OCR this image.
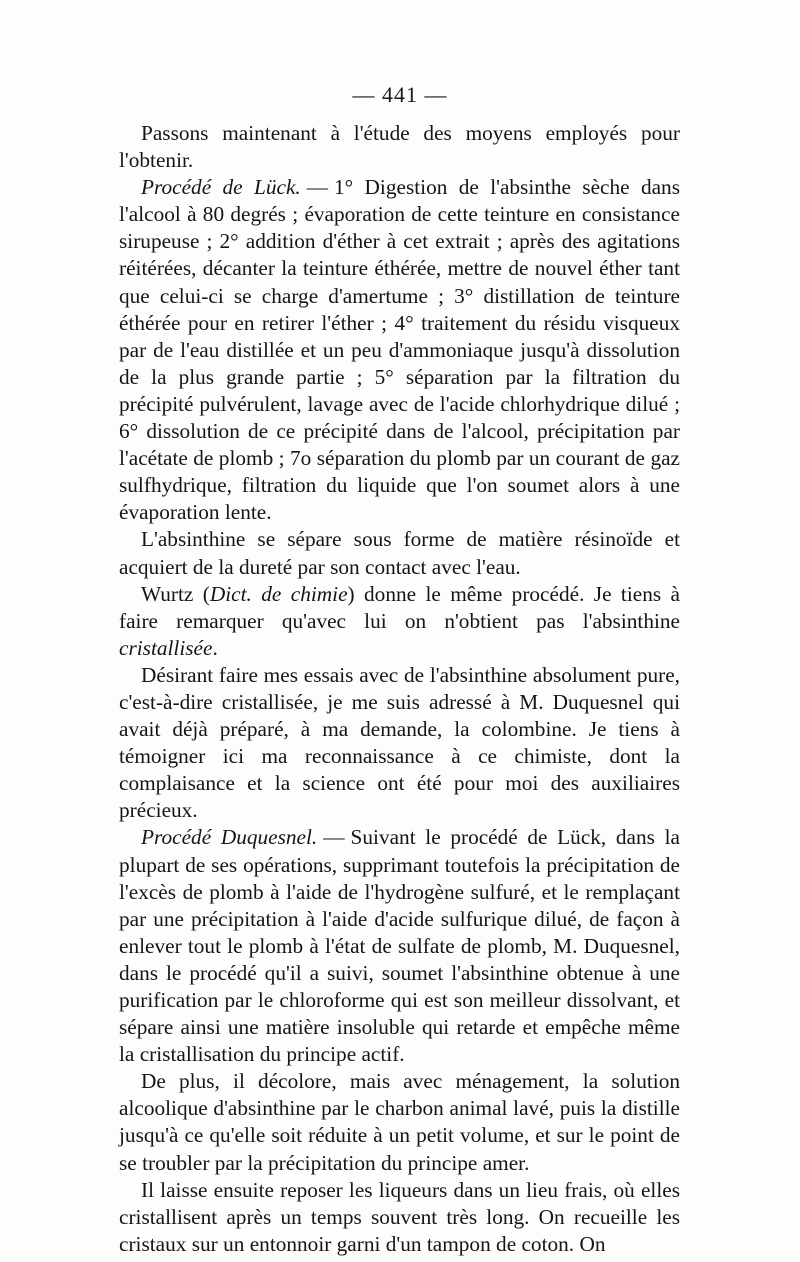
— 441 —

Passons maintenant à l'étude des moyens employés pour l'obtenir.

Procédé de Lück. — 1° Digestion de l'absinthe sèche dans l'alcool à 80 degrés ; évaporation de cette teinture en consistance sirupeuse ; 2° addition d'éther à cet extrait ; après des agitations réitérées, décanter la teinture éthérée, mettre de nouvel éther tant que celui-ci se charge d'amertume ; 3° distillation de teinture éthérée pour en retirer l'éther ; 4° traitement du résidu visqueux par de l'eau distillée et un peu d'ammoniaque jusqu'à dissolution de la plus grande partie ; 5° séparation par la filtration du précipité pulvérulent, lavage avec de l'acide chlorhydrique dilué ; 6° dissolution de ce précipité dans de l'alcool, précipitation par l'acétate de plomb ; 7o séparation du plomb par un courant de gaz sulfhydrique, filtration du liquide que l'on soumet alors à une évaporation lente.

L'absinthine se sépare sous forme de matière résinoïde et acquiert de la dureté par son contact avec l'eau.

Wurtz (Dict. de chimie) donne le même procédé. Je tiens à faire remarquer qu'avec lui on n'obtient pas l'absinthine cristallisée.

Désirant faire mes essais avec de l'absinthine absolument pure, c'est-à-dire cristallisée, je me suis adressé à M. Duquesnel qui avait déjà préparé, à ma demande, la colombine. Je tiens à témoigner ici ma reconnaissance à ce chimiste, dont la complaisance et la science ont été pour moi des auxiliaires précieux.

Procédé Duquesnel. — Suivant le procédé de Lück, dans la plupart de ses opérations, supprimant toutefois la précipitation de l'excès de plomb à l'aide de l'hydrogène sulfuré, et le remplaçant par une précipitation à l'aide d'acide sulfurique dilué, de façon à enlever tout le plomb à l'état de sulfate de plomb, M. Duquesnel, dans le procédé qu'il a suivi, soumet l'absinthine obtenue à une purification par le chloroforme qui est son meilleur dissolvant, et sépare ainsi une matière insoluble qui retarde et empêche même la cristallisation du principe actif.

De plus, il décolore, mais avec ménagement, la solution alcoolique d'absinthine par le charbon animal lavé, puis la distille jusqu'à ce qu'elle soit réduite à un petit volume, et sur le point de se troubler par la précipitation du principe amer.

Il laisse ensuite reposer les liqueurs dans un lieu frais, où elles cristallisent après un temps souvent très long. On recueille les cristaux sur un entonnoir garni d'un tampon de coton. On
